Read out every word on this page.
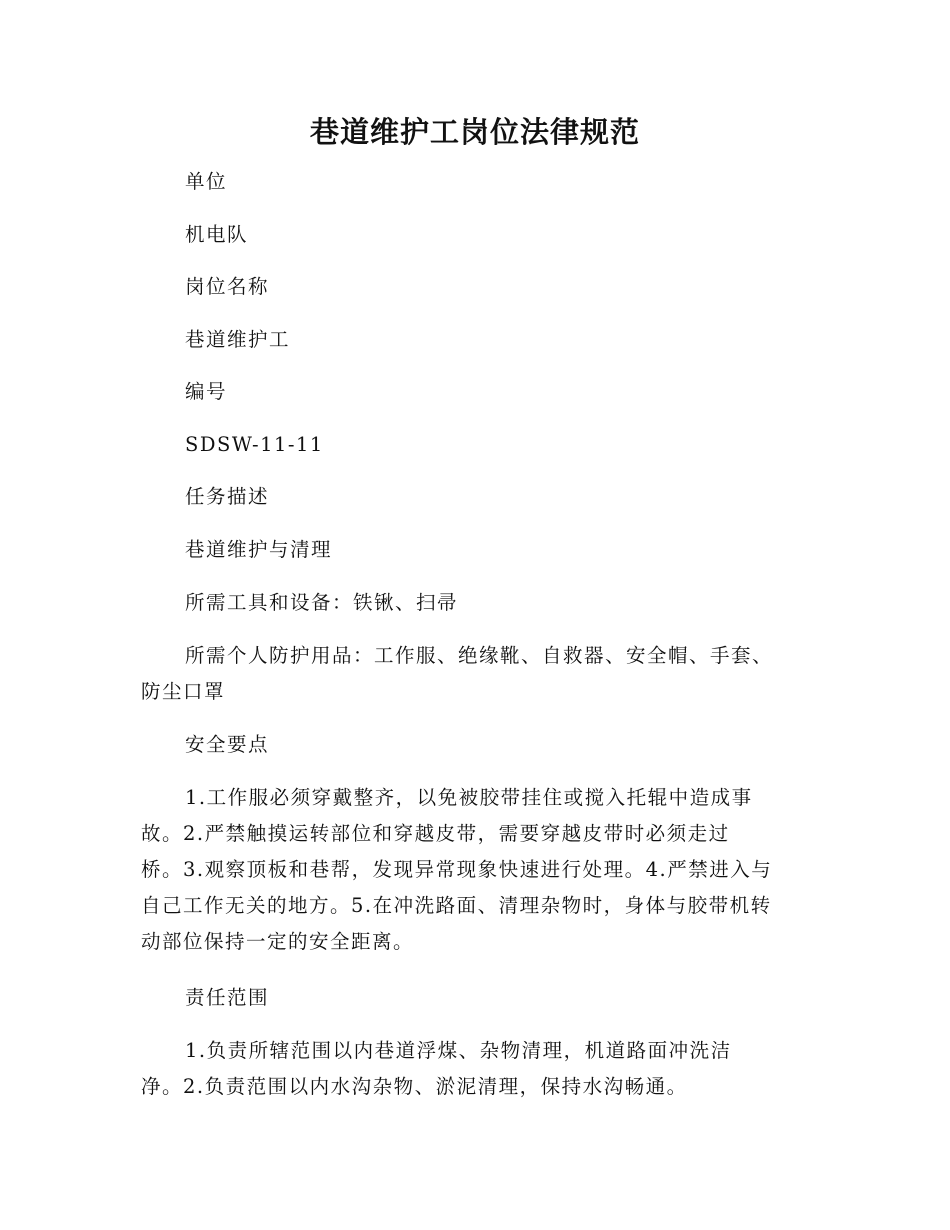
巷道维护工岗位法律规范
单位
机电队
岗位名称
巷道维护工
编号
SDSW-11-11
任务描述
巷道维护与清理
所需工具和设备：铁锹、扫帚
所需个人防护用品：工作服、绝缘靴、自救器、安全帽、手套、
防尘口罩
安全要点
1.工作服必须穿戴整齐，以免被胶带挂住或搅入托辊中造成事
故。2.严禁触摸运转部位和穿越皮带，需要穿越皮带时必须走过
桥。3.观察顶板和巷帮，发现异常现象快速进行处理。4.严禁进入与
自己工作无关的地方。5.在冲洗路面、清理杂物时，身体与胶带机转
动部位保持一定的安全距离。
责任范围
1.负责所辖范围以内巷道浮煤、杂物清理，机道路面冲洗洁
净。2.负责范围以内水沟杂物、淤泥清理，保持水沟畅通。
